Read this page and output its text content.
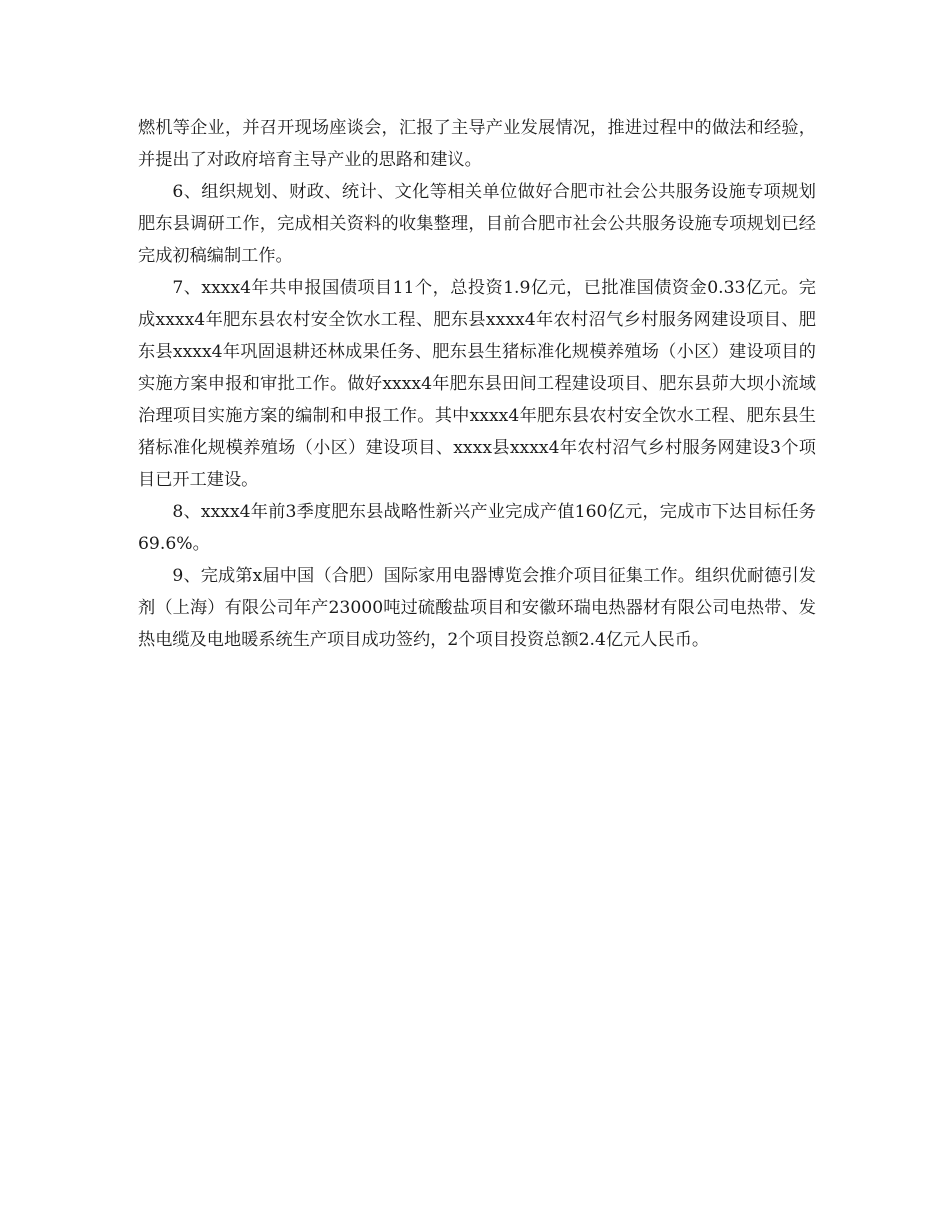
燃机等企业，并召开现场座谈会，汇报了主导产业发展情况，推进过程中的做法和经验，并提出了对政府培育主导产业的思路和建议。

6、组织规划、财政、统计、文化等相关单位做好合肥市社会公共服务设施专项规划肥东县调研工作，完成相关资料的收集整理，目前合肥市社会公共服务设施专项规划已经完成初稿编制工作。

7、xxxx4年共申报国债项目11个，总投资1.9亿元，已批准国债资金0.33亿元。完成xxxx4年肥东县农村安全饮水工程、肥东县xxxx4年农村沼气乡村服务网建设项目、肥东县xxxx4年巩固退耕还林成果任务、肥东县生猪标准化规模养殖场（小区）建设项目的实施方案申报和审批工作。做好xxxx4年肥东县田间工程建设项目、肥东县茆大坝小流域治理项目实施方案的编制和申报工作。其中xxxx4年肥东县农村安全饮水工程、肥东县生猪标准化规模养殖场（小区）建设项目、xxxx县xxxx4年农村沼气乡村服务网建设3个项目已开工建设。

8、xxxx4年前3季度肥东县战略性新兴产业完成产值160亿元，完成市下达目标任务69.6%。

9、完成第x届中国（合肥）国际家用电器博览会推介项目征集工作。组织优耐德引发剂（上海）有限公司年产23000吨过硫酸盐项目和安徽环瑞电热器材有限公司电热带、发热电缆及电地暖系统生产项目成功签约，2个项目投资总额2.4亿元人民币。
